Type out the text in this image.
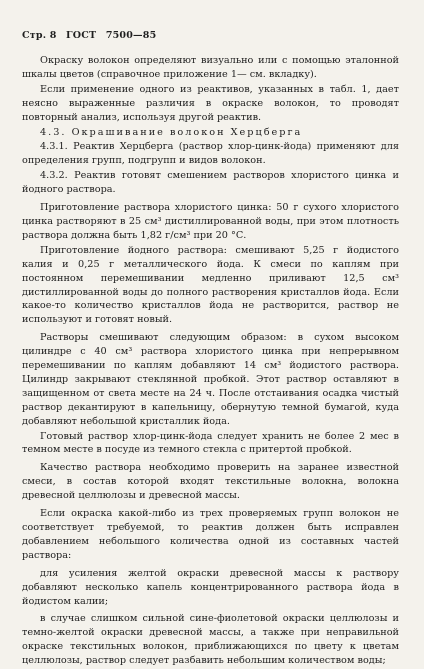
Стр. 8 ГОСТ 7500—85

Окраску волокон определяют визуально или с помощью эталонной шкалы цветов (справочное приложение 1— см. вкладку).

Если применение одного из реактивов, указанных в табл. 1, дает неясно выраженные различия в окраске волокон, то проводят повторный анализ, используя другой реактив.

4.3. Окрашивание волокон Херцберга

4.3.1. Реактив Херцберга (раствор хлор-цинк-йода) применяют для определения групп, подгрупп и видов волокон.

4.3.2. Реактив готовят смешением растворов хлористого цинка и йодного раствора.

Приготовление раствора хлористого цинка: 50 г сухого хлористого цинка растворяют в 25 см³ дистиллированной воды, при этом плотность раствора должна быть 1,82 г/см³ при 20 °С.

Приготовление йодного раствора: смешивают 5,25 г йодистого калия и 0,25 г металлического йода. К смеси по каплям при постоянном перемешивании медленно приливают 12,5 см³ дистиллированной воды до полного растворения кристаллов йода. Если какое-то количество кристаллов йода не растворится, раствор не используют и готовят новый.

Растворы смешивают следующим образом: в сухом высоком цилиндре с 40 см³ раствора хлористого цинка при непрерывном перемешивании по каплям добавляют 14 см³ йодистого раствора. Цилиндр закрывают стеклянной пробкой. Этот раствор оставляют в защищенном от света месте на 24 ч. После отстаивания осадка чистый раствор декантируют в капельницу, обернутую темной бумагой, куда добавляют небольшой кристаллик йода.

Готовый раствор хлор-цинк-йода следует хранить не более 2 мес в темном месте в посуде из темного стекла с притертой пробкой.

Качество раствора необходимо проверить на заранее известной смеси, в состав которой входят текстильные волокна, волокна древесной целлюлозы и древесной массы.

Если окраска какой-либо из трех проверяемых групп волокон не соответствует требуемой, то реактив должен быть исправлен добавлением небольшого количества одной из составных частей раствора:

для усиления желтой окраски древесной массы к раствору добавляют несколько капель концентрированного раствора йода в йодистом калии;

в случае слишком сильной сине-фиолетовой окраски целлюлозы и темно-желтой окраски древесной массы, а также при неправильной окраске текстильных волокон, приближающихся по цвету к цветам целлюлозы, раствор следует разбавить небольшим количеством воды;
